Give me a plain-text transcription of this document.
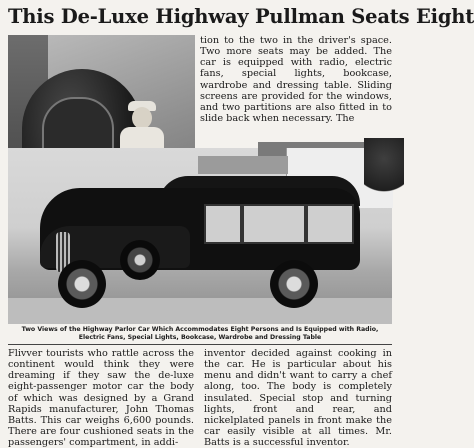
This De-Luxe Highway Pullman Seats Eight
tion to the two in the driver's space. Two more seats may be added. The car is equipped with radio, electric fans, special lights, bookcase, wardrobe and dressing table. Sliding screens are provided for the windows, and two partitions are also fitted in to slide back when necessary. The
Two Views of the Highway Parlor Car Which Accommodates Eight Persons and Is Equipped with Radio, Electric Fans, Special Lights, Bookcase, Wardrobe and Dressing Table
Flivver tourists who rattle across the continent would think they were dreaming if they saw the de-luxe eight-passenger motor car the body of which was designed by a Grand Rapids manufacturer, John Thomas Batts. This car weighs 6,600 pounds. There are four cushioned seats in the passengers' compartment, in addi-
inventor decided against cooking in the car. He is particular about his menu and didn't want to carry a chef along, too. The body is completely insulated. Special stop and turning lights, front and rear, and nickelplated panels in front make the car easily visible at all times. Mr. Batts is a successful inventor.
